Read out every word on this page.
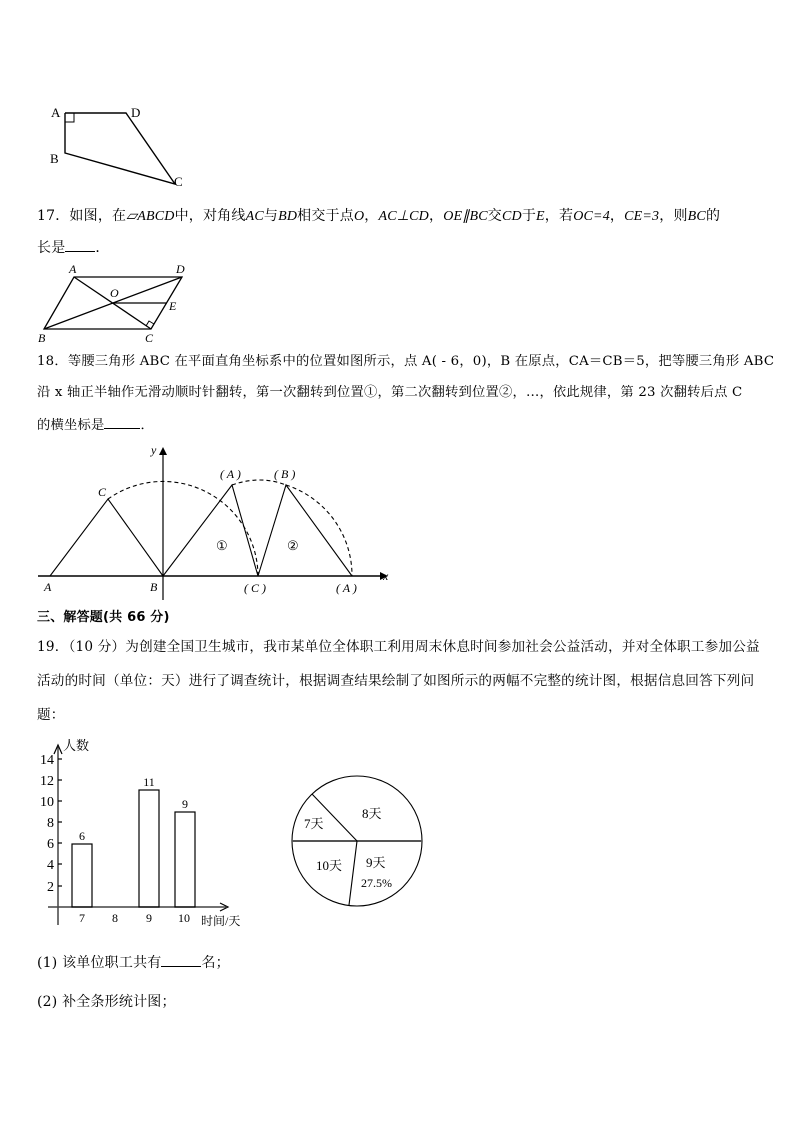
A	D
B
C
17．如图，在▱ABCD中，对角线AC与BD相交于点O，AC⊥CD，OE∥BC交CD于E，若OC=4，CE=3，则BC的
长是 ．
A	D
O
E
B	C
18．等腰三角形 ABC 在平面直角坐标系中的位置如图所示，点 A( - 6，0)，B 在原点，CA＝CB＝5，把等腰三角形 ABC
沿 x 轴正半轴作无滑动顺时针翻转，第一次翻转到位置①，第二次翻转到位置②，…，依此规律，第 23 次翻转后点 C
的横坐标是	．
y
x
A	B
C
( A )	( B )
( C )	( A )
①	②
三、解答题(共 66 分)
19．（10 分）为创建全国卫生城市，我市某单位全体职工利用周末休息时间参加社会公益活动，并对全体职工参加公益
活动的时间（单位：天）进行了调查统计，根据调查结果绘制了如图所示的两幅不完整的统计图，根据信息回答下列问
题：
14
12
10
8
6
4
2
7 8 9 10
6
11
9
人数
时间/天
8天
7天
10天 9天
27.5%
(1) 该单位职工共有	名；
(2) 补全条形统计图；
